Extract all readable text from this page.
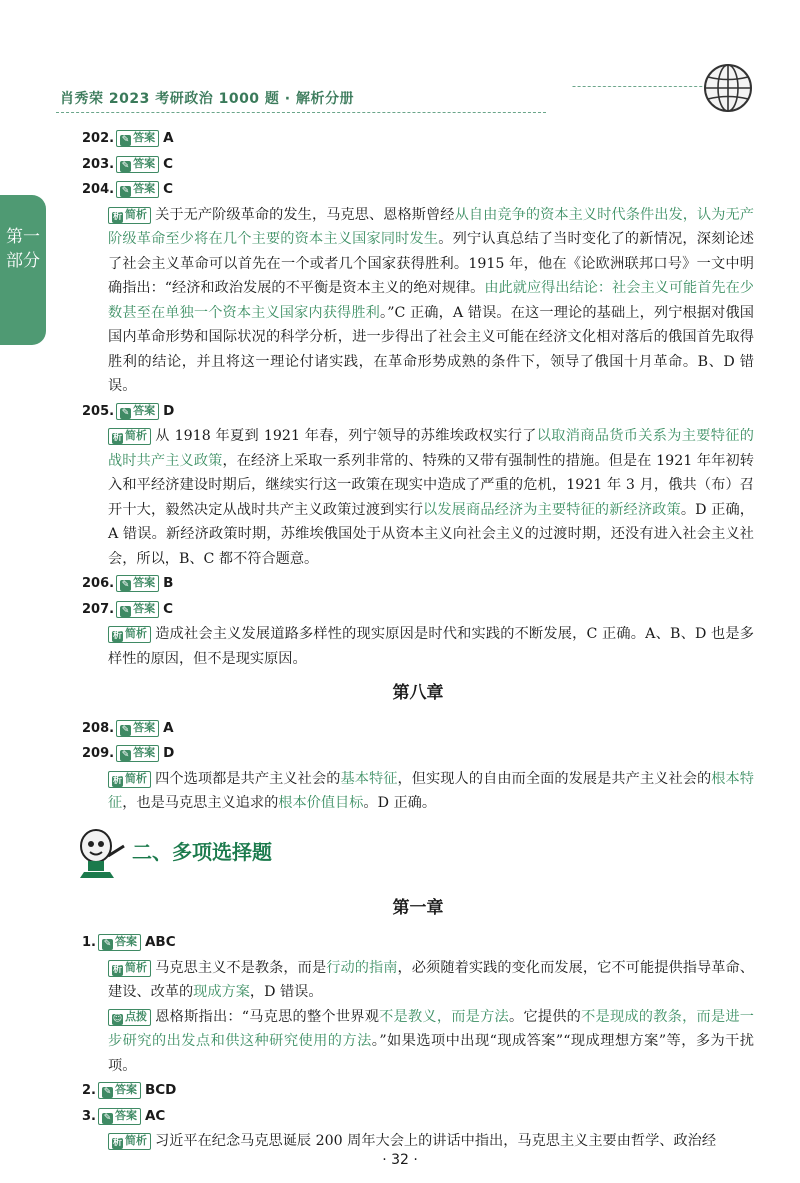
肖秀荣 2023 考研政治 1000 题 · 解析分册
第一
部分
202. ✎ 答案 A
203. ✎ 答案 C
204. ✎ 答案 C

析 简析 关于无产阶级革命的发生，马克思、恩格斯曾经从自由竞争的资本主义时代条件出发，认为无产阶级革命至少将在几个主要的资本主义国家同时发生。列宁认真总结了当时变化了的新情况，深刻论述了社会主义革命可以首先在一个或者几个国家获得胜利。1915 年，他在《论欧洲联邦口号》一文中明确指出：“经济和政治发展的不平衡是资本主义的绝对规律。由此就应得出结论：社会主义可能首先在少数甚至在单独一个资本主义国家内获得胜利。”C 正确，A 错误。在这一理论的基础上，列宁根据对俄国国内革命形势和国际状况的科学分析，进一步得出了社会主义可能在经济文化相对落后的俄国首先取得胜利的结论，并且将这一理论付诸实践，在革命形势成熟的条件下，领导了俄国十月革命。B、D 错误。

205. ✎ 答案 D

析 简析 从 1918 年夏到 1921 年春，列宁领导的苏维埃政权实行了以取消商品货币关系为主要特征的战时共产主义政策，在经济上采取一系列非常的、特殊的又带有强制性的措施。但是在 1921 年年初转入和平经济建设时期后，继续实行这一政策在现实中造成了严重的危机，1921 年 3 月，俄共（布）召开十大，毅然决定从战时共产主义政策过渡到实行以发展商品经济为主要特征的新经济政策。D 正确，A 错误。新经济政策时期，苏维埃俄国处于从资本主义向社会主义的过渡时期，还没有进入社会主义社会，所以，B、C 都不符合题意。

206. ✎ 答案 B
207. ✎ 答案 C

析 简析 造成社会主义发展道路多样性的现实原因是时代和实践的不断发展，C 正确。A、B、D 也是多样性的原因，但不是现实原因。

第八章
208. ✎ 答案 A
209. ✎ 答案 D

析 简析 四个选项都是共产主义社会的基本特征，但实现人的自由而全面的发展是共产主义社会的根本特征，也是马克思主义追求的根本价值目标。D 正确。

二、多项选择题
第一章
1. ✎ 答案 ABC

析 简析 马克思主义不是教条，而是行动的指南，必须随着实践的变化而发展，它不可能提供指导革命、建设、改革的现成方案，D 错误。

☺ 点拨 恩格斯指出：“马克思的整个世界观不是教义，而是方法。它提供的不是现成的教条，而是进一步研究的出发点和供这种研究使用的方法。”如果选项中出现“现成答案”“现成理想方案”等，多为干扰项。

2. ✎ 答案 BCD
3. ✎ 答案 AC

析 简析 习近平在纪念马克思诞辰 200 周年大会上的讲话中指出，马克思主义主要由哲学、政治经

· 32 ·
